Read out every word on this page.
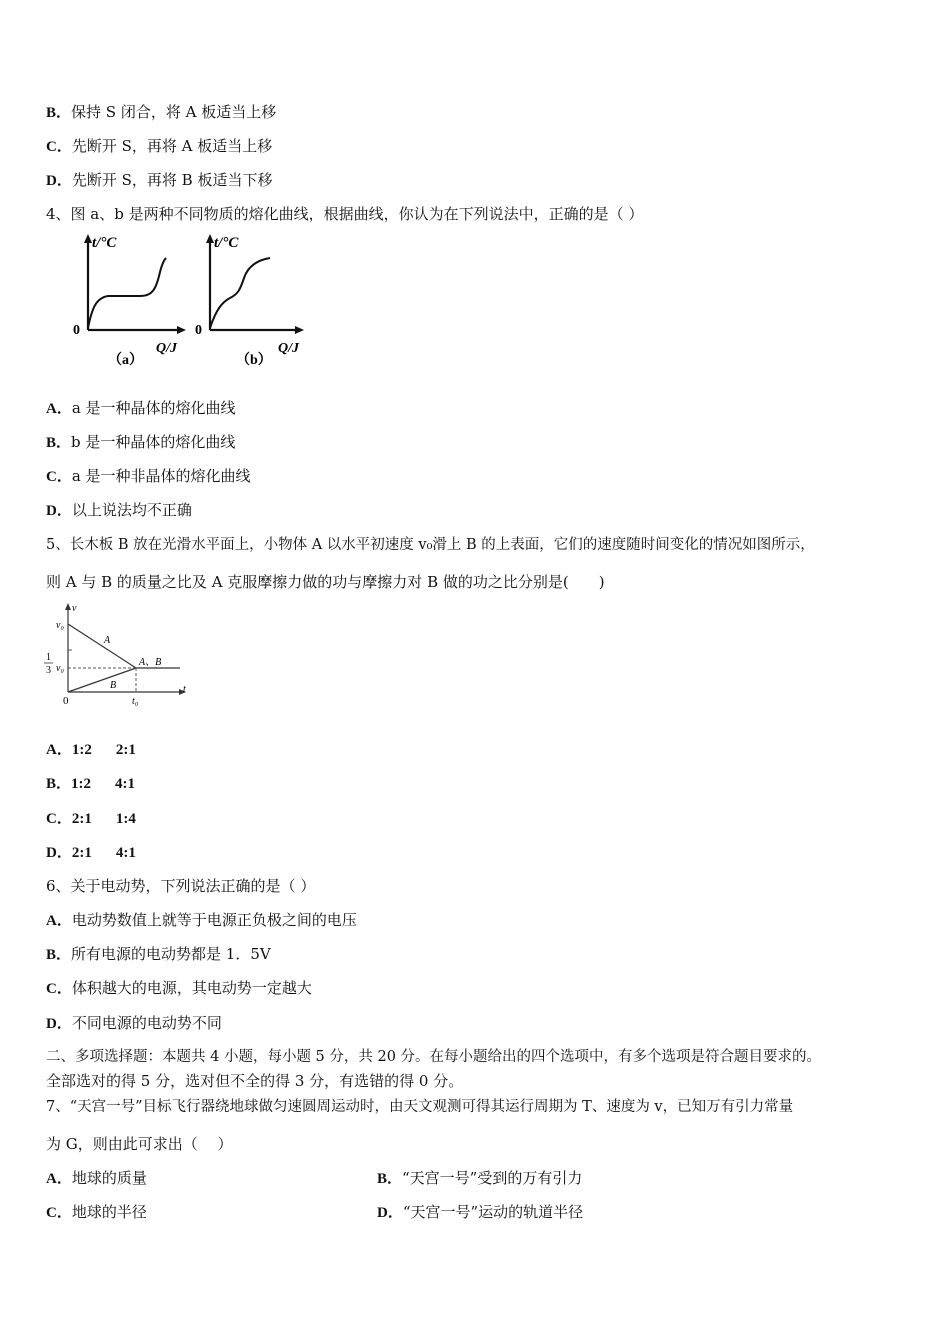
B．保持 S 闭合，将 A 板适当上移
C．先断开 S，再将 A 板适当上移
D．先断开 S，再将 B 板适当下移
4、图 a、b 是两种不同物质的熔化曲线，根据曲线，你认为在下列说法中，正确的是（ ）
t/°C
0
Q/J
（a）
t/°C
0
Q/J
（b）
A．a 是一种晶体的熔化曲线
B．b 是一种晶体的熔化曲线
C．a 是一种非晶体的熔化曲线
D．以上说法均不正确
5、长木板 B 放在光滑水平面上，小物体 A 以水平初速度 v₀滑上 B 的上表面，它们的速度随时间变化的情况如图所示，
则 A 与 B 的质量之比及 A 克服摩擦力做的功与摩擦力对 B 做的功之比分别是(　　)
v
t
v₀
1
3 v₀
0	t₀
A
B
A、B
A．1:2 2:1
B．1:2 4:1
C．2:1 1:4
D．2:1 4:1
6、关于电动势，下列说法正确的是（ ）
A．电动势数值上就等于电源正负极之间的电压
B．所有电源的电动势都是 1．5V
C．体积越大的电源，其电动势一定越大
D．不同电源的电动势不同
二、多项选择题：本题共 4 小题，每小题 5 分，共 20 分。在每小题给出的四个选项中，有多个选项是符合题目要求的。
全部选对的得 5 分，选对但不全的得 3 分，有选错的得 0 分。
7、“天宫一号”目标飞行器绕地球做匀速圆周运动时，由天文观测可得其运行周期为 T、速度为 v，已知万有引力常量
为 G，则由此可求出（　 ）
A．地球的质量	B．“天宫一号”受到的万有引力
C．地球的半径	D．“天宫一号”运动的轨道半径
